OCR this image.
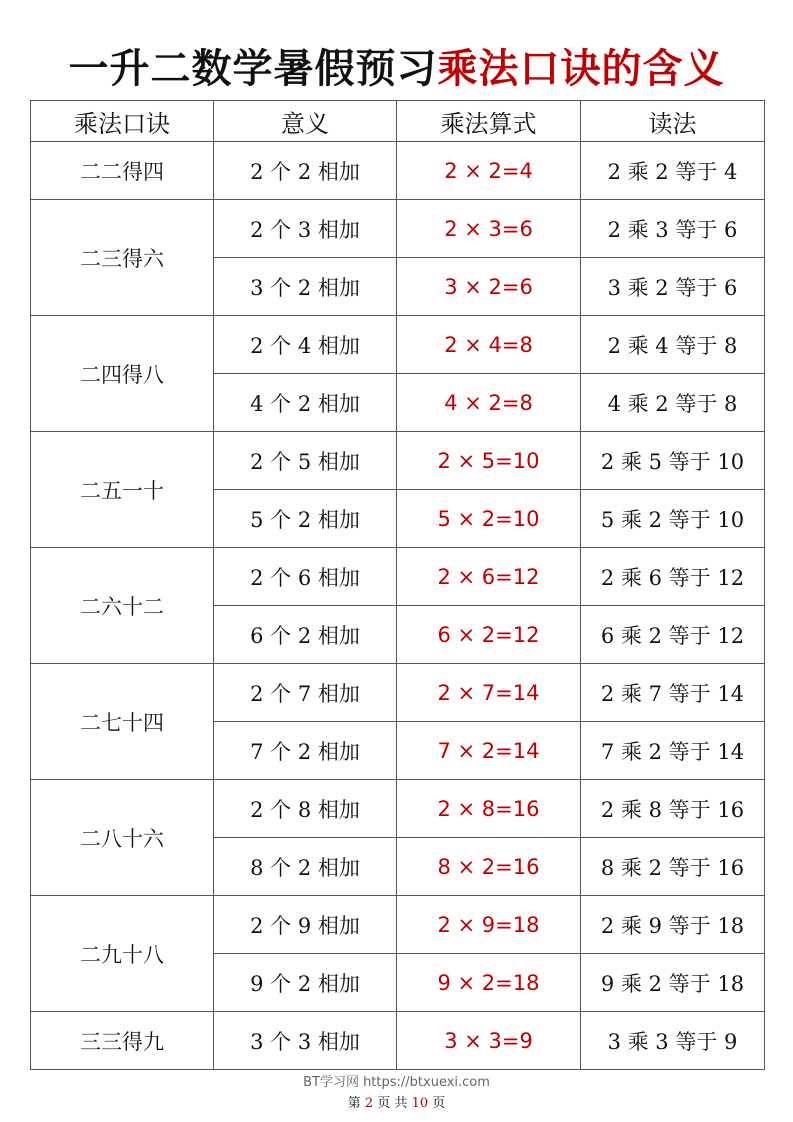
一升二数学暑假预习乘法口诀的含义
乘法口诀	意义	乘法算式	读法
二二得四	2 个 2 相加	2 × 2=4	2 乘 2 等于 4
二三得六	2 个 3 相加	2 × 3=6	2 乘 3 等于 6
	3 个 2 相加	3 × 2=6	3 乘 2 等于 6
二四得八	2 个 4 相加	2 × 4=8	2 乘 4 等于 8
	4 个 2 相加	4 × 2=8	4 乘 2 等于 8
二五一十	2 个 5 相加	2 × 5=10	2 乘 5 等于 10
	5 个 2 相加	5 × 2=10	5 乘 2 等于 10
二六十二	2 个 6 相加	2 × 6=12	2 乘 6 等于 12
	6 个 2 相加	6 × 2=12	6 乘 2 等于 12
二七十四	2 个 7 相加	2 × 7=14	2 乘 7 等于 14
	7 个 2 相加	7 × 2=14	7 乘 2 等于 14
二八十六	2 个 8 相加	2 × 8=16	2 乘 8 等于 16
	8 个 2 相加	8 × 2=16	8 乘 2 等于 16
二九十八	2 个 9 相加	2 × 9=18	2 乘 9 等于 18
	9 个 2 相加	9 × 2=18	9 乘 2 等于 18
三三得九	3 个 3 相加	3 × 3=9	3 乘 3 等于 9
BT学习网 https://btxuexi.com
第 2 页 共 10 页
